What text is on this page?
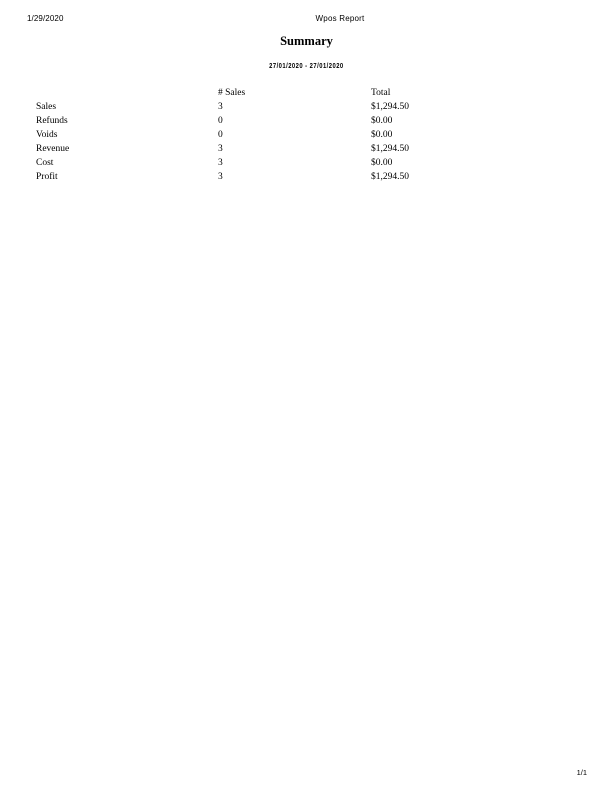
1/29/2020	Wpos Report
Summary
27/01/2020 - 27/01/2020
	# Sales	Total
Sales	3	$1,294.50
Refunds	0	$0.00
Voids	0	$0.00
Revenue	3	$1,294.50
Cost	3	$0.00
Profit	3	$1,294.50
1/1
